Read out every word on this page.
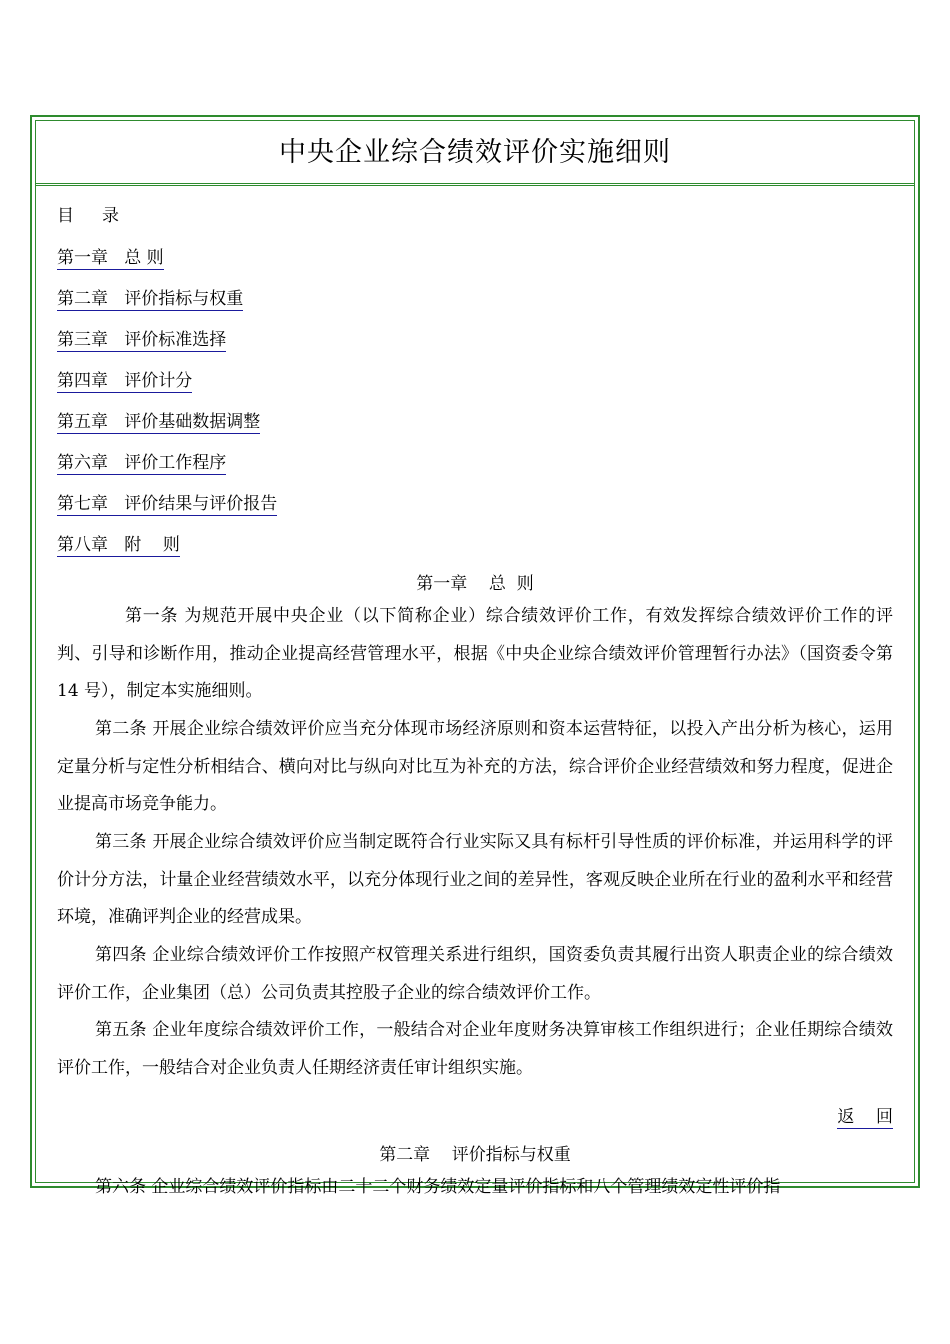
中央企业综合绩效评价实施细则
目 录
第一章   总 则
第二章   评价指标与权重
第三章   评价标准选择
第四章   评价计分
第五章   评价基础数据调整
第六章   评价工作程序
第七章   评价结果与评价报告
第八章   附    则
第一章    总  则
第一条 为规范开展中央企业（以下简称企业）综合绩效评价工作，有效发挥综合绩效评价工作的评判、引导和诊断作用，推动企业提高经营管理水平，根据《中央企业综合绩效评价管理暂行办法》（国资委令第 14 号），制定本实施细则。
第二条 开展企业综合绩效评价应当充分体现市场经济原则和资本运营特征，以投入产出分析为核心，运用定量分析与定性分析相结合、横向对比与纵向对比互为补充的方法，综合评价企业经营绩效和努力程度，促进企业提高市场竞争能力。
第三条 开展企业综合绩效评价应当制定既符合行业实际又具有标杆引导性质的评价标准，并运用科学的评价计分方法，计量企业经营绩效水平，以充分体现行业之间的差异性，客观反映企业所在行业的盈利水平和经营环境，准确评判企业的经营成果。
第四条 企业综合绩效评价工作按照产权管理关系进行组织，国资委负责其履行出资人职责企业的综合绩效评价工作，企业集团（总）公司负责其控股子企业的综合绩效评价工作。
第五条 企业年度综合绩效评价工作，一般结合对企业年度财务决算审核工作组织进行；企业任期综合绩效评价工作，一般结合对企业负责人任期经济责任审计组织实施。
返    回
第二章    评价指标与权重
第六条 企业综合绩效评价指标由二十二个财务绩效定量评价指标和八个管理绩效定性评价指
